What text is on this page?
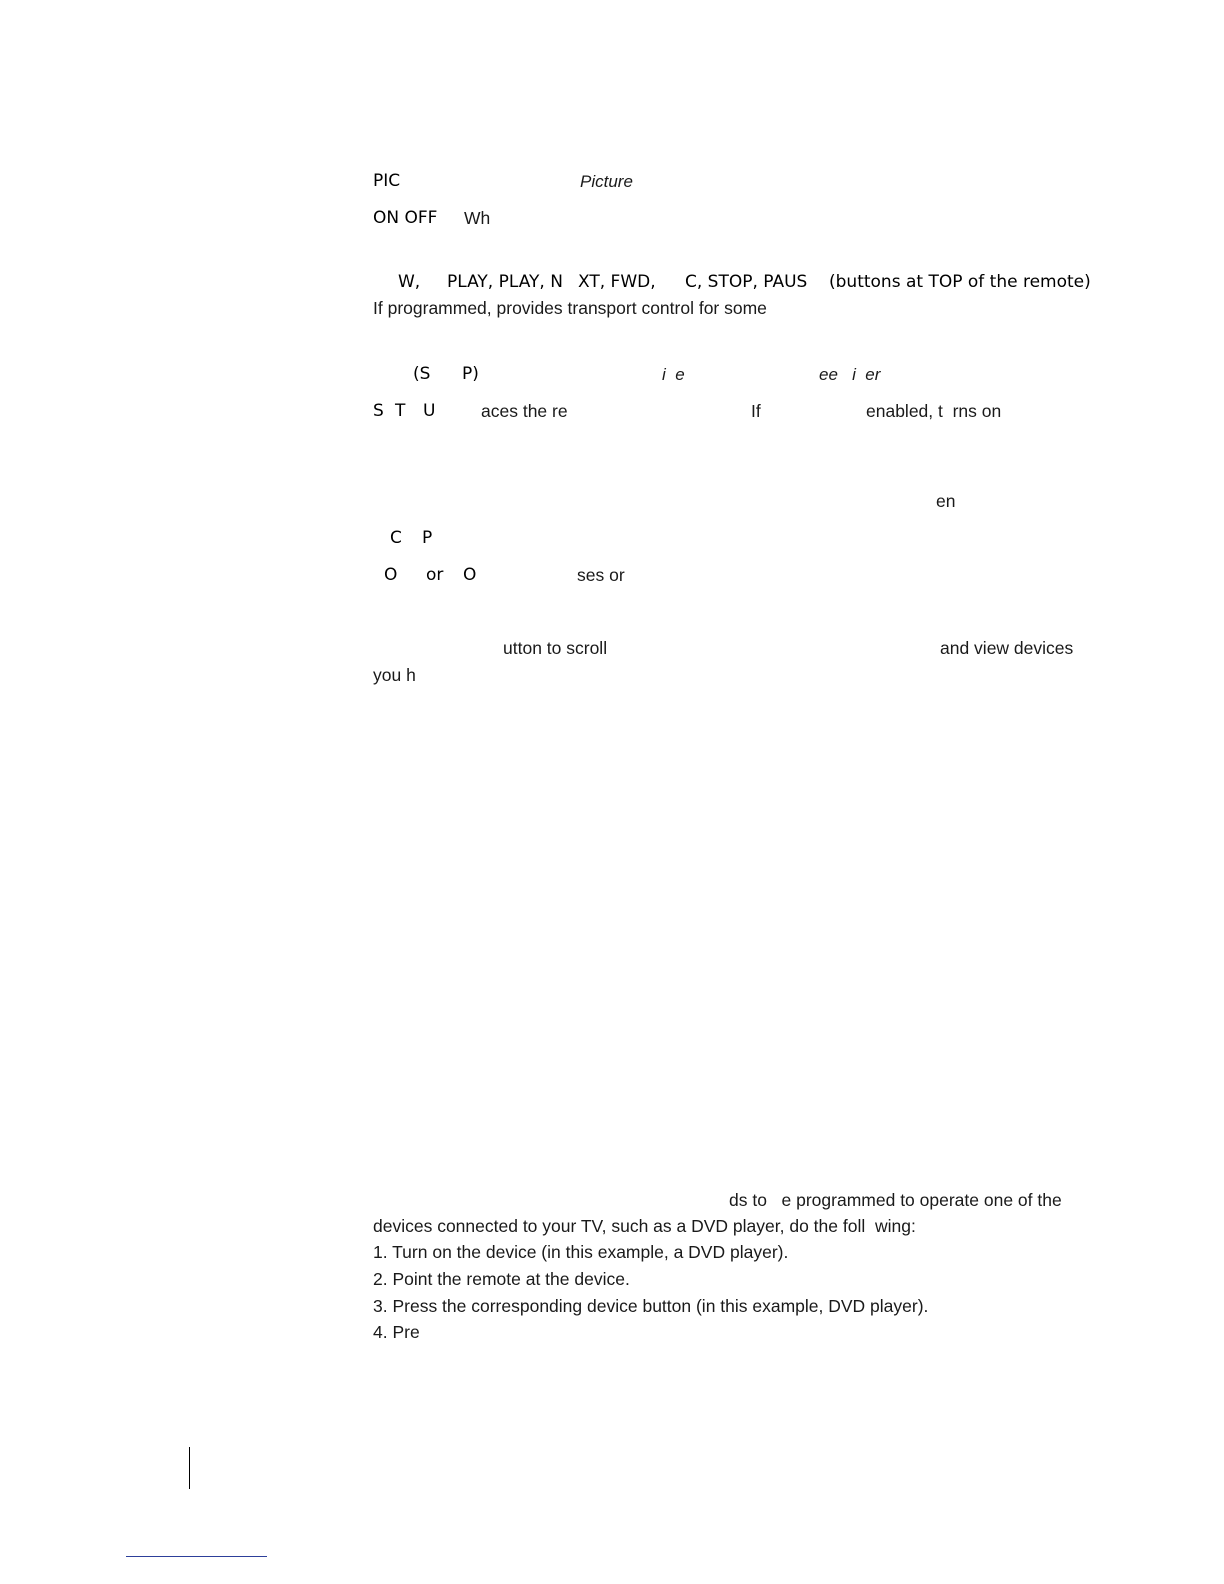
PIC	Picture
ON OFF Wh
W, PLAY, PLAY, N XT, FWD, C, STOP, PAUS (buttons at TOP of the remote)
If programmed, provides transport control for some
(S P)	i  e	ee   i  er
S T U	aces the re	If	enabled, t  rns on
en
C P
O or O	ses or
utton to scroll	and view devices
you h
ds to   e programmed to operate one of the
devices connected to your TV, such as a DVD player, do the foll  wing:
1. Turn on the device (in this example, a DVD player).
2. Point the remote at the device.
3. Press the corresponding device button (in this example, DVD player).
4. Pre
